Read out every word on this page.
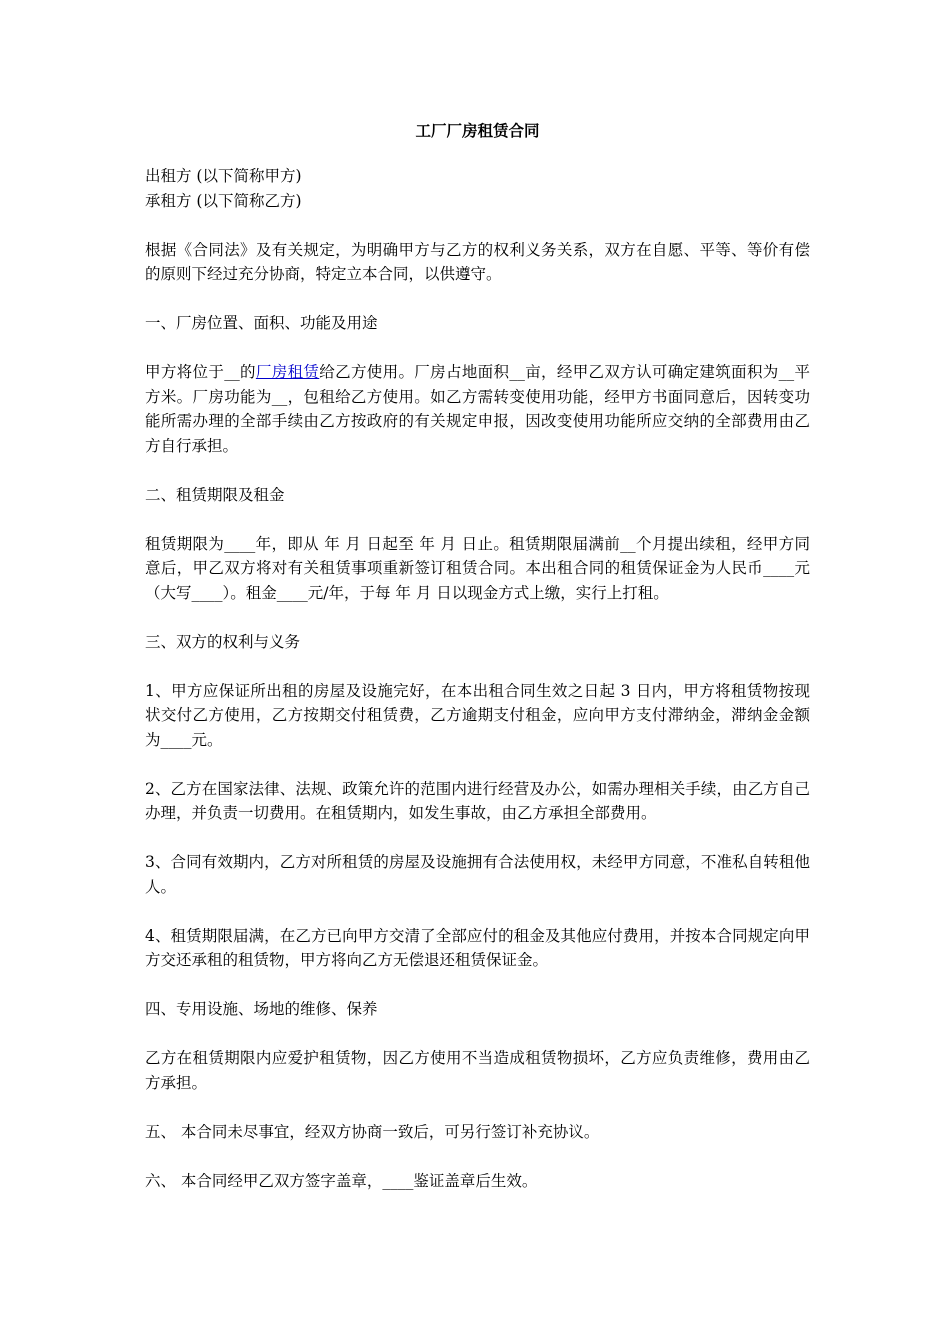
工厂厂房租赁合同

出租方 (以下简称甲方)

承租方 (以下简称乙方)

根据《合同法》及有关规定，为明确甲方与乙方的权利义务关系，双方在自愿、平等、等价有偿的原则下经过充分协商，特定立本合同，以供遵守。

一、厂房位置、面积、功能及用途

甲方将位于__的厂房租赁给乙方使用。厂房占地面积__亩，经甲乙双方认可确定建筑面积为__平方米。厂房功能为__，包租给乙方使用。如乙方需转变使用功能，经甲方书面同意后，因转变功能所需办理的全部手续由乙方按政府的有关规定申报，因改变使用功能所应交纳的全部费用由乙方自行承担。

二、租赁期限及租金

租赁期限为____年，即从 年 月 日起至 年 月 日止。租赁期限届满前__个月提出续租，经甲方同意后，甲乙双方将对有关租赁事项重新签订租赁合同。本出租合同的租赁保证金为人民币____元（大写____）。租金____元/年，于每 年 月 日以现金方式上缴，实行上打租。

三、双方的权利与义务

1、甲方应保证所出租的房屋及设施完好，在本出租合同生效之日起 3 日内，甲方将租赁物按现状交付乙方使用，乙方按期交付租赁费，乙方逾期支付租金，应向甲方支付滞纳金，滞纳金金额为____元。

2、乙方在国家法律、法规、政策允许的范围内进行经营及办公，如需办理相关手续，由乙方自己办理，并负责一切费用。在租赁期内，如发生事故，由乙方承担全部费用。

3、合同有效期内，乙方对所租赁的房屋及设施拥有合法使用权，未经甲方同意，不准私自转租他人。

4、租赁期限届满，在乙方已向甲方交清了全部应付的租金及其他应付费用，并按本合同规定向甲方交还承租的租赁物，甲方将向乙方无偿退还租赁保证金。

四、专用设施、场地的维修、保养

乙方在租赁期限内应爱护租赁物，因乙方使用不当造成租赁物损坏，乙方应负责维修，费用由乙方承担。

五、 本合同未尽事宜，经双方协商一致后，可另行签订补充协议。

六、 本合同经甲乙双方签字盖章，____鉴证盖章后生效。
